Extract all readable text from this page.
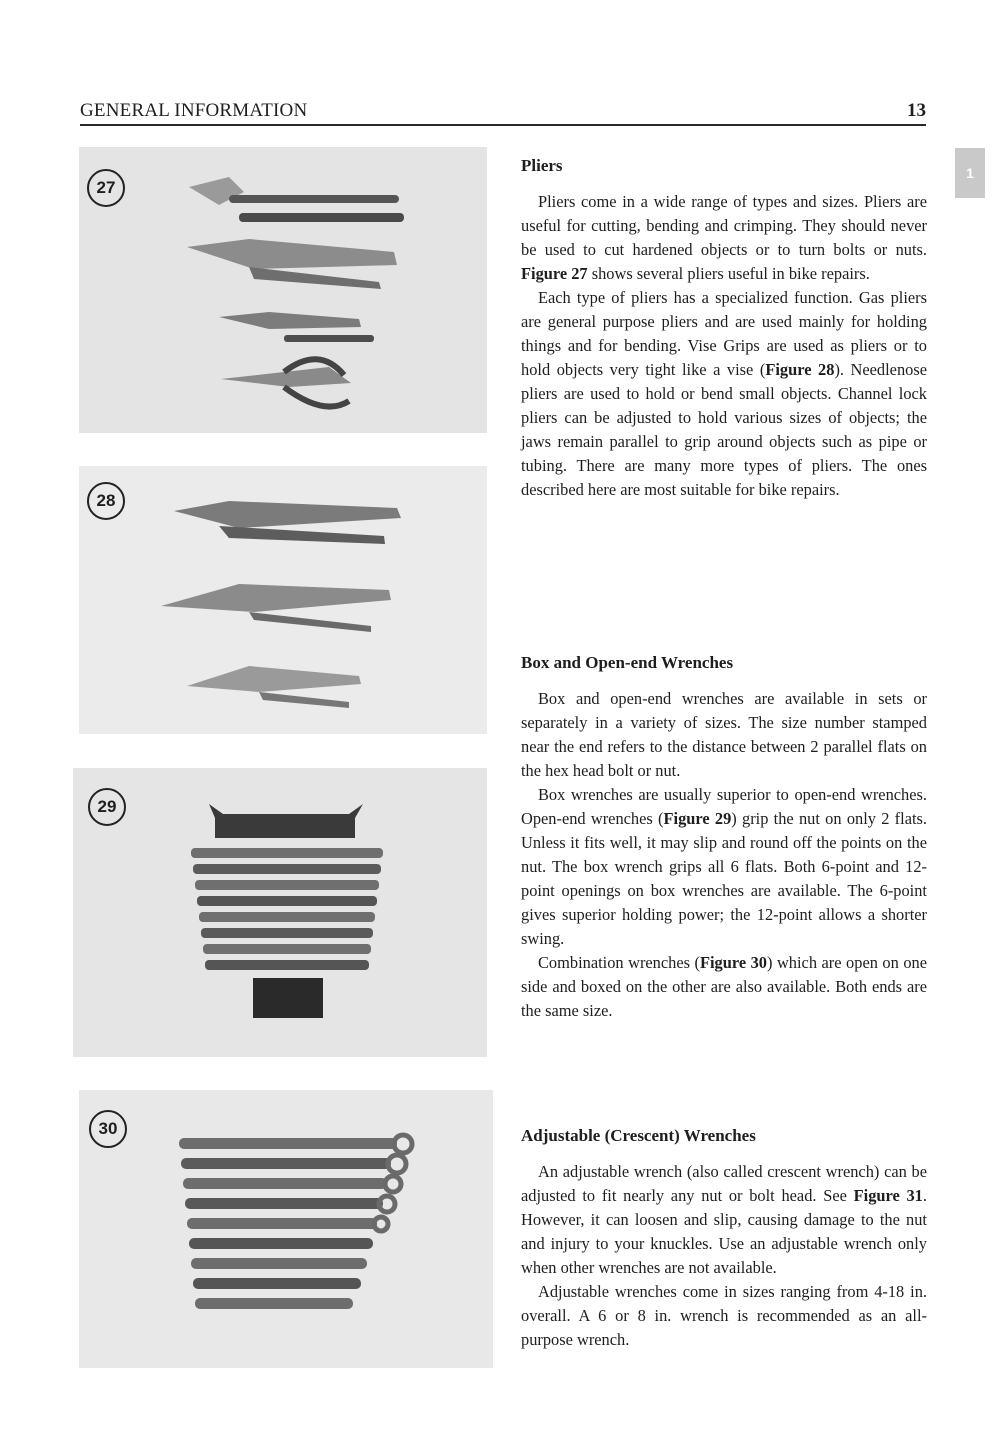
GENERAL INFORMATION	13
1
27
28
29
30
Pliers

Pliers come in a wide range of types and sizes. Pliers are useful for cutting, bending and crimping. They should never be used to cut hardened objects or to turn bolts or nuts. Figure 27 shows several pliers useful in bike repairs.

Each type of pliers has a specialized function. Gas pliers are general purpose pliers and are used mainly for holding things and for bending. Vise Grips are used as pliers or to hold objects very tight like a vise (Figure 28). Needlenose pliers are used to hold or bend small objects. Channel lock pliers can be adjusted to hold various sizes of objects; the jaws remain parallel to grip around objects such as pipe or tubing. There are many more types of pliers. The ones described here are most suitable for bike repairs.

Box and Open-end Wrenches

Box and open-end wrenches are available in sets or separately in a variety of sizes. The size number stamped near the end refers to the distance between 2 parallel flats on the hex head bolt or nut.

Box wrenches are usually superior to open-end wrenches. Open-end wrenches (Figure 29) grip the nut on only 2 flats. Unless it fits well, it may slip and round off the points on the nut. The box wrench grips all 6 flats. Both 6-point and 12-point openings on box wrenches are available. The 6-point gives superior holding power; the 12-point allows a shorter swing.

Combination wrenches (Figure 30) which are open on one side and boxed on the other are also available. Both ends are the same size.

Adjustable (Crescent) Wrenches

An adjustable wrench (also called crescent wrench) can be adjusted to fit nearly any nut or bolt head. See Figure 31. However, it can loosen and slip, causing damage to the nut and injury to your knuckles. Use an adjustable wrench only when other wrenches are not available.

Adjustable wrenches come in sizes ranging from 4-18 in. overall. A 6 or 8 in. wrench is recommended as an all-purpose wrench.
